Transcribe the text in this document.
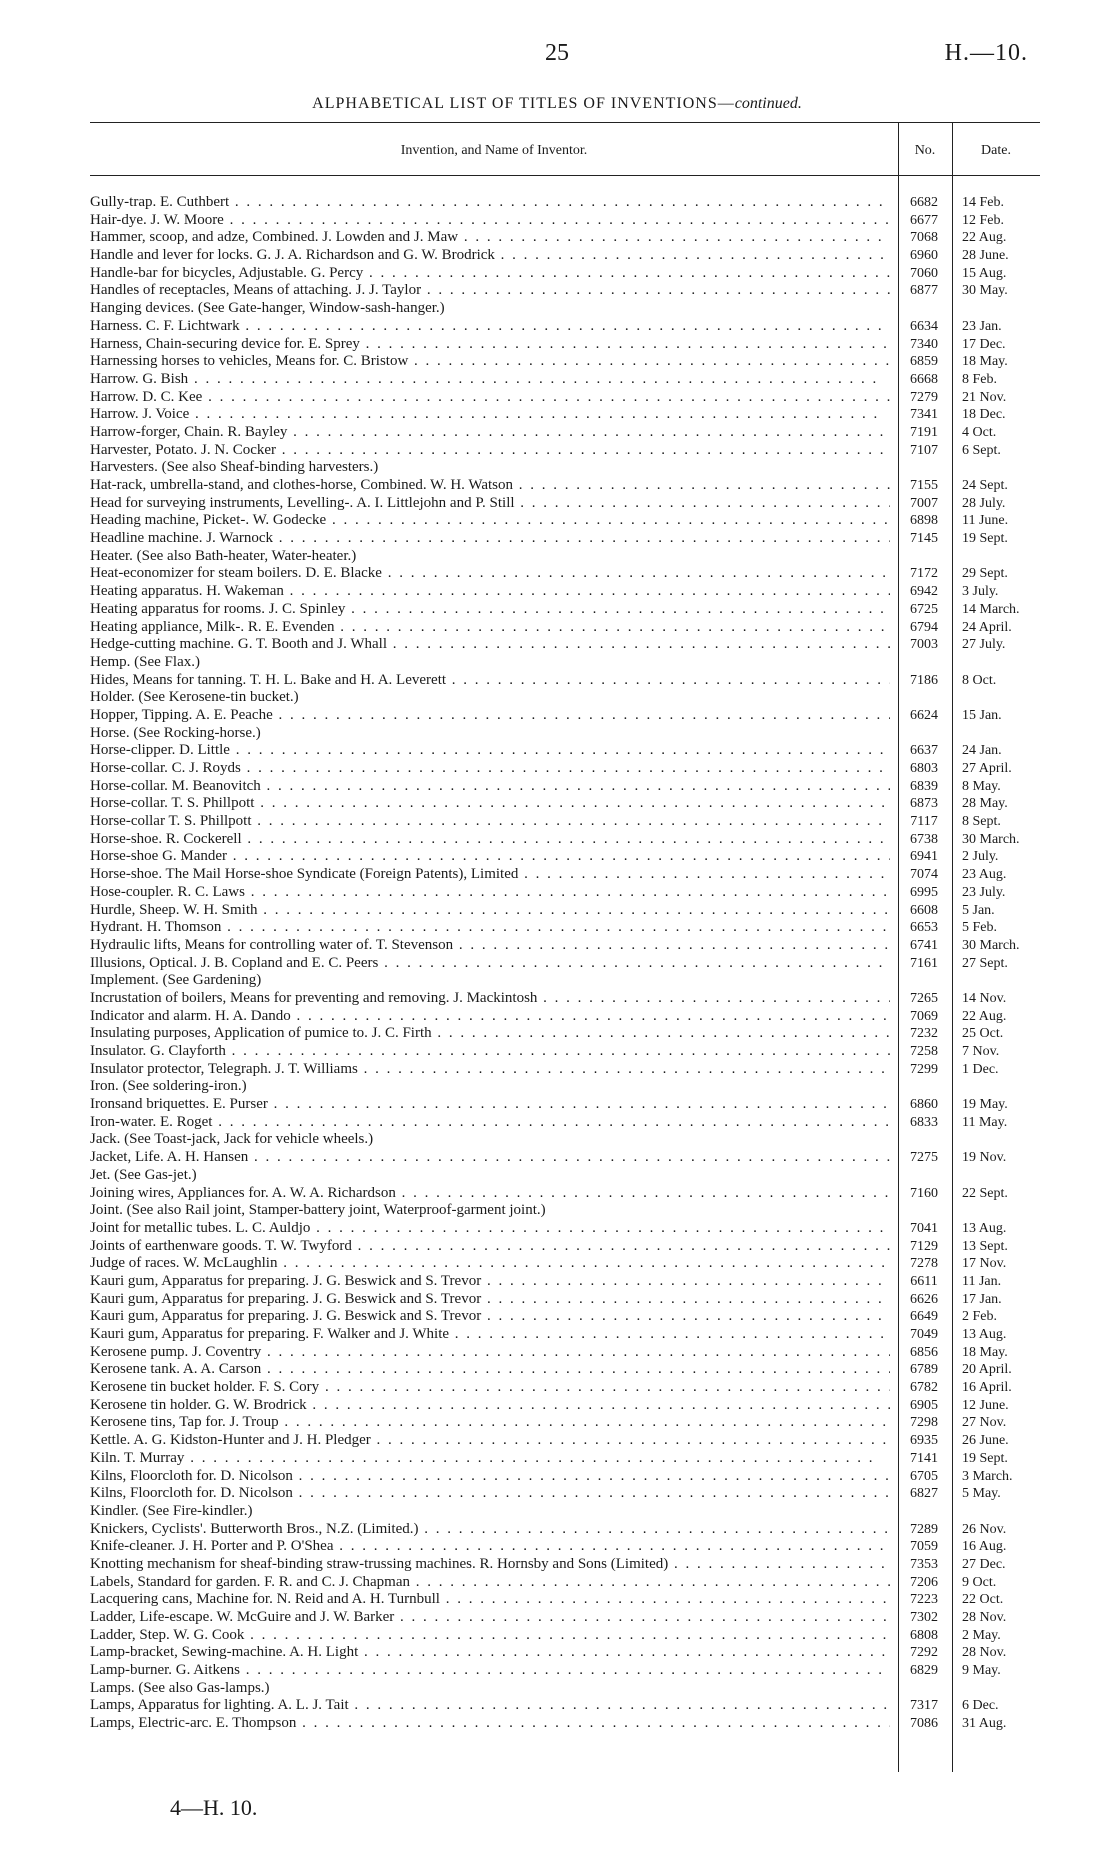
25	H.—10.
ALPHABETICAL LIST OF TITLES OF INVENTIONS—continued.
Invention, and Name of Inventor.	No.	Date.
Gully-trap. E. Cuthbert . .	6682	14 Feb.
Hair-dye. J. W. Moore . .	6677	12 Feb.
Hammer, scoop, and adze, Combined. J. Lowden and J. Maw . .	7068	22 Aug.
Handle and lever for locks. G. J. A. Richardson and G. W. Brodrick . .	6960	28 June.
Handle-bar for bicycles, Adjustable. G. Percy . .	7060	15 Aug.
Handles of receptacles, Means of attaching. J. J. Taylor . .	6877	30 May.
Hanging devices. (See Gate-hanger, Window-sash-hanger.)
Harness. C. F. Lichtwark . .	6634	23 Jan.
Harness, Chain-securing device for. E. Sprey . .	7340	17 Dec.
Harnessing horses to vehicles, Means for. C. Bristow . .	6859	18 May.
Harrow. G. Bish . .	6668	8 Feb.
Harrow. D. C. Kee . .	7279	21 Nov.
Harrow. J. Voice . .	7341	18 Dec.
Harrow-forger, Chain. R. Bayley . .	7191	4 Oct.
Harvester, Potato. J. N. Cocker . .	7107	6 Sept.
Harvesters. (See also Sheaf-binding harvesters.)
Hat-rack, umbrella-stand, and clothes-horse, Combined. W. H. Watson . .	7155	24 Sept.
Head for surveying instruments, Levelling-. A. I. Littlejohn and P. Still . .	7007	28 July.
Heading machine, Picket-. W. Godecke . .	6898	11 June.
Headline machine. J. Warnock . .	7145	19 Sept.
Heater. (See also Bath-heater, Water-heater.)
Heat-economizer for steam boilers. D. E. Blacke . .	7172	29 Sept.
Heating apparatus. H. Wakeman . .	6942	3 July.
Heating apparatus for rooms. J. C. Spinley . .	6725	14 March.
Heating appliance, Milk-. R. E. Evenden . .	6794	24 April.
Hedge-cutting machine. G. T. Booth and J. Whall . .	7003	27 July.
Hemp. (See Flax.)
Hides, Means for tanning. T. H. L. Bake and H. A. Leverett . .	7186	8 Oct.
Holder. (See Kerosene-tin bucket.)
Hopper, Tipping. A. E. Peache . .	6624	15 Jan.
Horse. (See Rocking-horse.)
Horse-clipper. D. Little . .	6637	24 Jan.
Horse-collar. C. J. Royds . .	6803	27 April.
Horse-collar. M. Beanovitch . .	6839	8 May.
Horse-collar. T. S. Phillpott . .	6873	28 May.
Horse-collar T. S. Phillpott . .	7117	8 Sept.
Horse-shoe. R. Cockerell . .	6738	30 March.
Horse-shoe G. Mander . .	6941	2 July.
Horse-shoe. The Mail Horse-shoe Syndicate (Foreign Patents), Limited . .	7074	23 Aug.
Hose-coupler. R. C. Laws . .	6995	23 July.
Hurdle, Sheep. W. H. Smith . .	6608	5 Jan.
Hydrant. H. Thomson . .	6653	5 Feb.
Hydraulic lifts, Means for controlling water of. T. Stevenson . .	6741	30 March.
Illusions, Optical. J. B. Copland and E. C. Peers . .	7161	27 Sept.
Implement. (See Gardening)
Incrustation of boilers, Means for preventing and removing. J. Mackintosh . .	7265	14 Nov.
Indicator and alarm. H. A. Dando . .	7069	22 Aug.
Insulating purposes, Application of pumice to. J. C. Firth . .	7232	25 Oct.
Insulator. G. Clayforth . .	7258	7 Nov.
Insulator protector, Telegraph. J. T. Williams . .	7299	1 Dec.
Iron. (See soldering-iron.)
Ironsand briquettes. E. Purser . .	6860	19 May.
Iron-water. E. Roget . .	6833	11 May.
Jack. (See Toast-jack, Jack for vehicle wheels.)
Jacket, Life. A. H. Hansen . .	7275	19 Nov.
Jet. (See Gas-jet.)
Joining wires, Appliances for. A. W. A. Richardson . .	7160	22 Sept.
Joint. (See also Rail joint, Stamper-battery joint, Waterproof-garment joint.)
Joint for metallic tubes. L. C. Auldjo . .	7041	13 Aug.
Joints of earthenware goods. T. W. Twyford . .	7129	13 Sept.
Judge of races. W. McLaughlin . .	7278	17 Nov.
Kauri gum, Apparatus for preparing. J. G. Beswick and S. Trevor . .	6611	11 Jan.
Kauri gum, Apparatus for preparing. J. G. Beswick and S. Trevor . .	6626	17 Jan.
Kauri gum, Apparatus for preparing. J. G. Beswick and S. Trevor . .	6649	2 Feb.
Kauri gum, Apparatus for preparing. F. Walker and J. White . .	7049	13 Aug.
Kerosene pump. J. Coventry . .	6856	18 May.
Kerosene tank. A. A. Carson . .	6789	20 April.
Kerosene tin bucket holder. F. S. Cory . .	6782	16 April.
Kerosene tin holder. G. W. Brodrick . .	6905	12 June.
Kerosene tins, Tap for. J. Troup . .	7298	27 Nov.
Kettle. A. G. Kidston-Hunter and J. H. Pledger . .	6935	26 June.
Kiln. T. Murray . .	7141	19 Sept.
Kilns, Floorcloth for. D. Nicolson . .	6705	3 March.
Kilns, Floorcloth for. D. Nicolson . .	6827	5 May.
Kindler. (See Fire-kindler.)
Knickers, Cyclists'. Butterworth Bros., N.Z. (Limited.) . .	7289	26 Nov.
Knife-cleaner. J. H. Porter and P. O'Shea . .	7059	16 Aug.
Knotting mechanism for sheaf-binding straw-trussing machines. R. Hornsby and Sons (Limited) . .	7353	27 Dec.
Labels, Standard for garden. F. R. and C. J. Chapman . .	7206	9 Oct.
Lacquering cans, Machine for. N. Reid and A. H. Turnbull . .	7223	22 Oct.
Ladder, Life-escape. W. McGuire and J. W. Barker . .	7302	28 Nov.
Ladder, Step. W. G. Cook . .	6808	2 May.
Lamp-bracket, Sewing-machine. A. H. Light . .	7292	28 Nov.
Lamp-burner. G. Aitkens . .	6829	9 May.
Lamps. (See also Gas-lamps.)
Lamps, Apparatus for lighting. A. L. J. Tait . .	7317	6 Dec.
Lamps, Electric-arc. E. Thompson . .	7086	31 Aug.
4—H. 10.
